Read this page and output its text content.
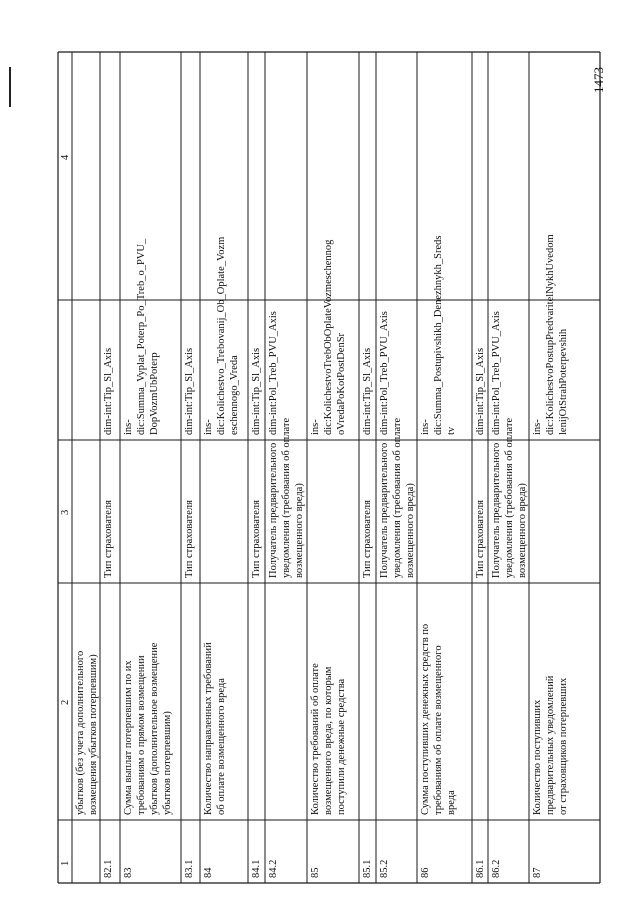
1
2
3
4
убытков (без учета дополнительного возмещения убытков потерпевшим)
82.1
Тип страхователя
dim-int:Tip_Sl_Axis
83
Сумма выплат потерпевшим по их требованиям о прямом возмещении убытков (дополнительное возмещение убытков потерпевшим)
ins- dic:Summa_Vyplat_Poterp_Po_Treb_o_PVU_ DopVozmUbPoterp
83.1
Тип страхователя
dim-int:Tip_Sl_Axis
84
Количество направленных требований об оплате возмещенного вреда
ins- dic:Kolichestvo_Trebovanij_Ob_Oplate_Vozm eschennogo_Vreda
84.1
Тип страхователя
dim-int:Tip_Sl_Axis
84.2
Получатель предварительного уведомления (требования об оплате возмещенного вреда)
dim-int:Pol_Treb_PVU_Axis
85
Количество требований об оплате возмещенного вреда, по которым поступили денежные средства
ins- dic:KolichestvoTrebObOplateVozmeschennog oVredaPoKotPostDenSr
85.1
Тип страхователя
dim-int:Tip_Sl_Axis
85.2
Получатель предварительного уведомления (требования об оплате возмещенного вреда)
dim-int:Pol_Treb_PVU_Axis
86
Сумма поступивших денежных средств по требованиям об оплате возмещенного вреда
ins- dic:Summa_Postupivshikh_Denezhnykh_Sreds tv
86.1
Тип страхователя
dim-int:Tip_Sl_Axis
86.2
Получатель предварительного уведомления (требования об оплате возмещенного вреда)
dim-int:Pol_Treb_PVU_Axis
87
Количество поступивших предварительных уведомлений от страховщиков потерпевших
ins- dic:KolichestvoPostupPredvaritelNykhUvedom lenijOtStrahPoterpevshih
1473
